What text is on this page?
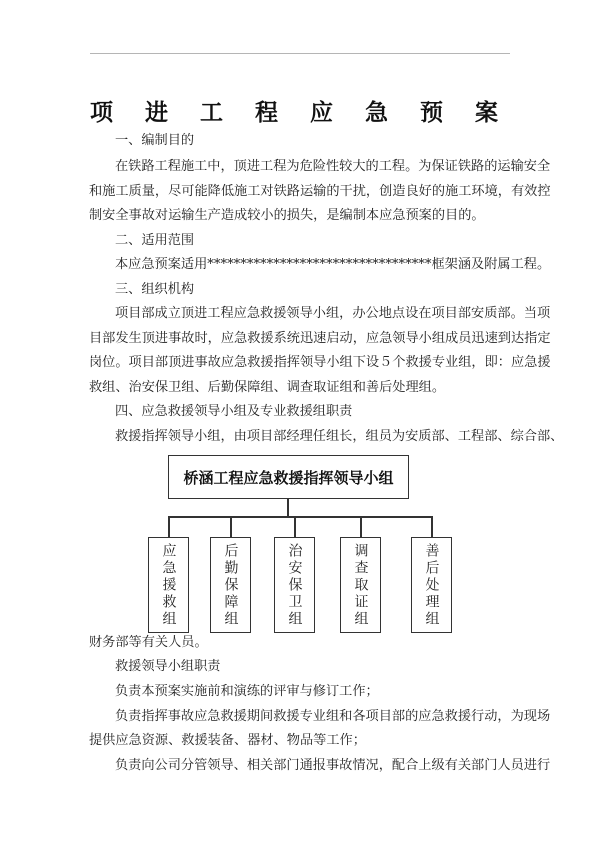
项 进 工 程 应 急 预 案
一、编制目的
在铁路工程施工中，顶进工程为危险性较大的工程。为保证铁路的运输安全
和施工质量，尽可能降低施工对铁路运输的干扰，创造良好的施工环境，有效控
制安全事故对运输生产造成较小的损失，是编制本应急预案的目的。
二、适用范围
本应急预案适用**********************************框架涵及附属工程。
三、组织机构
项目部成立顶进工程应急救援领导小组，办公地点设在项目部安质部。当项
目部发生顶进事故时，应急救援系统迅速启动，应急领导小组成员迅速到达指定
岗位。项目部顶进事故应急救援指挥领导小组下设５个救援专业组，即：应急援
救组、治安保卫组、后勤保障组、调查取证组和善后处理组。
四、应急救援领导小组及专业救援组职责
救援指挥领导小组，由项目部经理任组长，组员为安质部、工程部、综合部、
桥涵工程应急救援指挥领导小组
应急援救组	后勤保障组	治安保卫组	调查取证组	善后处理组
财务部等有关人员。
救援领导小组职责
负责本预案实施前和演练的评审与修订工作；
负责指挥事故应急救援期间救援专业组和各项目部的应急救援行动，为现场
提供应急资源、救援装备、器材、物品等工作；
负责向公司分管领导、相关部门通报事故情况，配合上级有关部门人员进行
